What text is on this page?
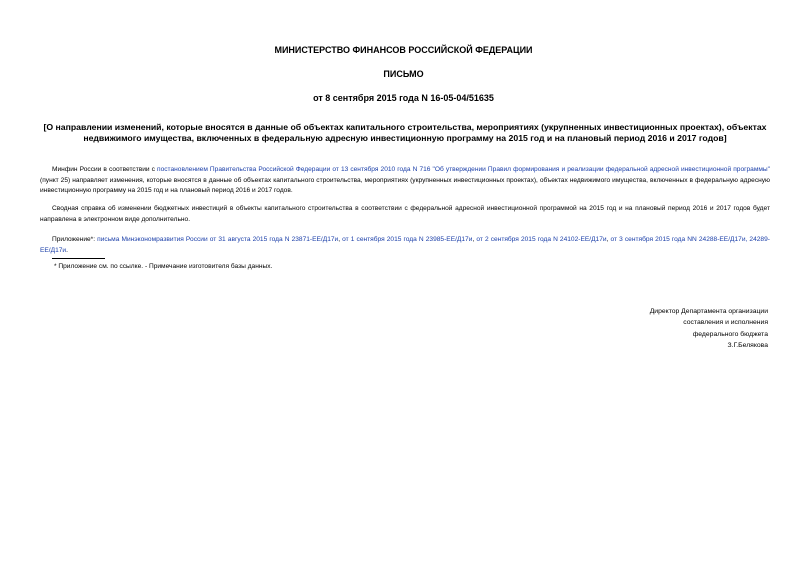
МИНИСТЕРСТВО ФИНАНСОВ РОССИЙСКОЙ ФЕДЕРАЦИИ

ПИСЬМО

от 8 сентября 2015 года N 16-05-04/51635

[О направлении изменений, которые вносятся в данные об объектах капитального строительства, мероприятиях (укрупненных инвестиционных проектах), объектах недвижимого имущества, включенных в федеральную адресную инвестиционную программу на 2015 год и на плановый период 2016 и 2017 годов]

Минфин России в соответствии с постановлением Правительства Российской Федерации от 13 сентября 2010 года N 716 "Об утверждении Правил формирования и реализации федеральной адресной инвестиционной программы" (пункт 25) направляет изменения, которые вносятся в данные об объектах капитального строительства, мероприятиях (укрупненных инвестиционных проектах), объектах недвижимого имущества, включенных в федеральную адресную инвестиционную программу на 2015 год и на плановый период 2016 и 2017 годов.

Сводная справка об изменении бюджетных инвестиций в объекты капитального строительства в соответствии с федеральной адресной инвестиционной программой на 2015 год и на плановый период 2016 и 2017 годов будет направлена в электронном виде дополнительно.

Приложение*: письма Минэкономразвития России от 31 августа 2015 года N 23871-ЕЕ/Д17и, от 1 сентября 2015 года N 23985-ЕЕ/Д17и, от 2 сентября 2015 года N 24102-ЕЕ/Д17и, от 3 сентября 2015 года NN 24288-ЕЕ/Д17и, 24289-ЕЕ/Д17и.

* Приложение см. по ссылке. - Примечание изготовителя базы данных.

Директор Департамента организации
составления и исполнения
федерального бюджета
З.Г.Белякова
